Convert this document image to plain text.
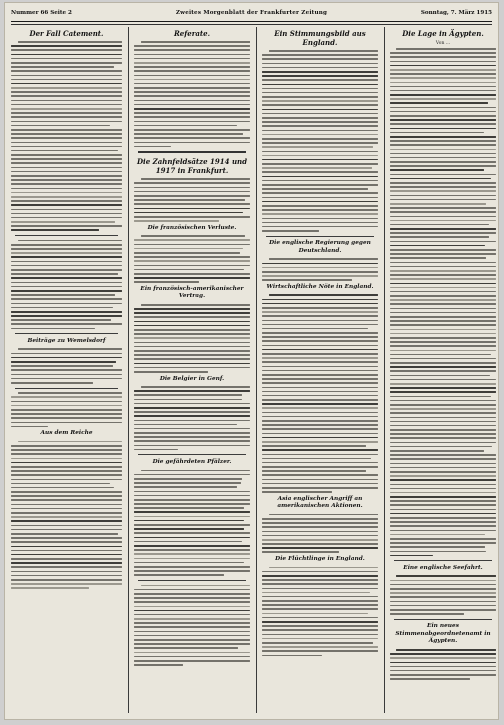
Nummer 66 Seite 2	Zweites Morgenblatt der Frankfurter Zeitung	Sonntag, 7. März 1915
Der Fall Catement.
Beiträge zu Wemelsdorf
Aus dem Reiche
Referate.
Die Zahnfeldsätze 1914 und 1917 in Frankfurt.
Die französischen Verluste.
Ein französisch-amerikanischer Vertrag.
Die Belgier in Genf.
Die gefährdeten Pfälzer.
Ein Stimmungsbild aus England.
Die englische Regierung gegen Deutschland.
Wirtschaftliche Nöte in England.
Asia englischer Angriff an amerikanischen Aktionen.
Die Flüchtlinge in England.
Die Lage in Ägypten.
Von ...
Eine englische Seefahrt.
Ein neues Stimmenabgeordnetenamt in Ägypten.
